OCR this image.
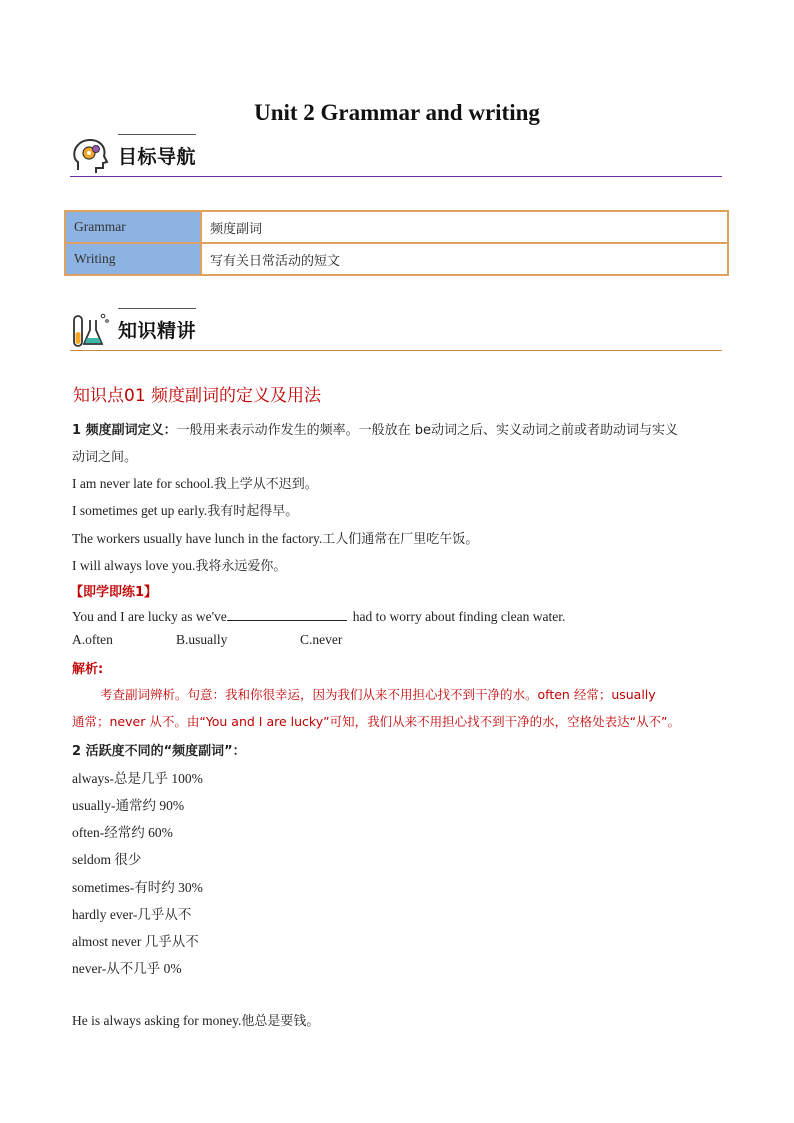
Unit 2 Grammar and writing
目标导航
Grammar	频度副词
Writing	写有关日常活动的短文
知识精讲
知识点01 频度副词的定义及用法
1 频度副词定义：一般用来表示动作发生的频率。一般放在 be动词之后、实义动词之前或者助动词与实义
动词之间。
I am never late for school.我上学从不迟到。
I sometimes get up early.我有时起得早。
The workers usually have lunch in the factory.工人们通常在厂里吃午饭。
I will always love you.我将永远爱你。
【即学即练1】
You and I are lucky as we've	had to worry about finding clean water.
A.often	B.usually	C.never
解析:
考查副词辨析。句意：我和你很幸运，因为我们从来不用担心找不到干净的水。often 经常；usually
通常；never 从不。由“You and I are lucky”可知，我们从来不用担心找不到干净的水，空格处表达“从不”。
2 活跃度不同的“频度副词”：
always-总是几乎 100%
usually-通常约 90%
often-经常约 60%
seldom 很少
sometimes-有时约 30%
hardly ever-几乎从不
almost never 几乎从不
never-从不几乎 0%
He is always asking for money.他总是要钱。
